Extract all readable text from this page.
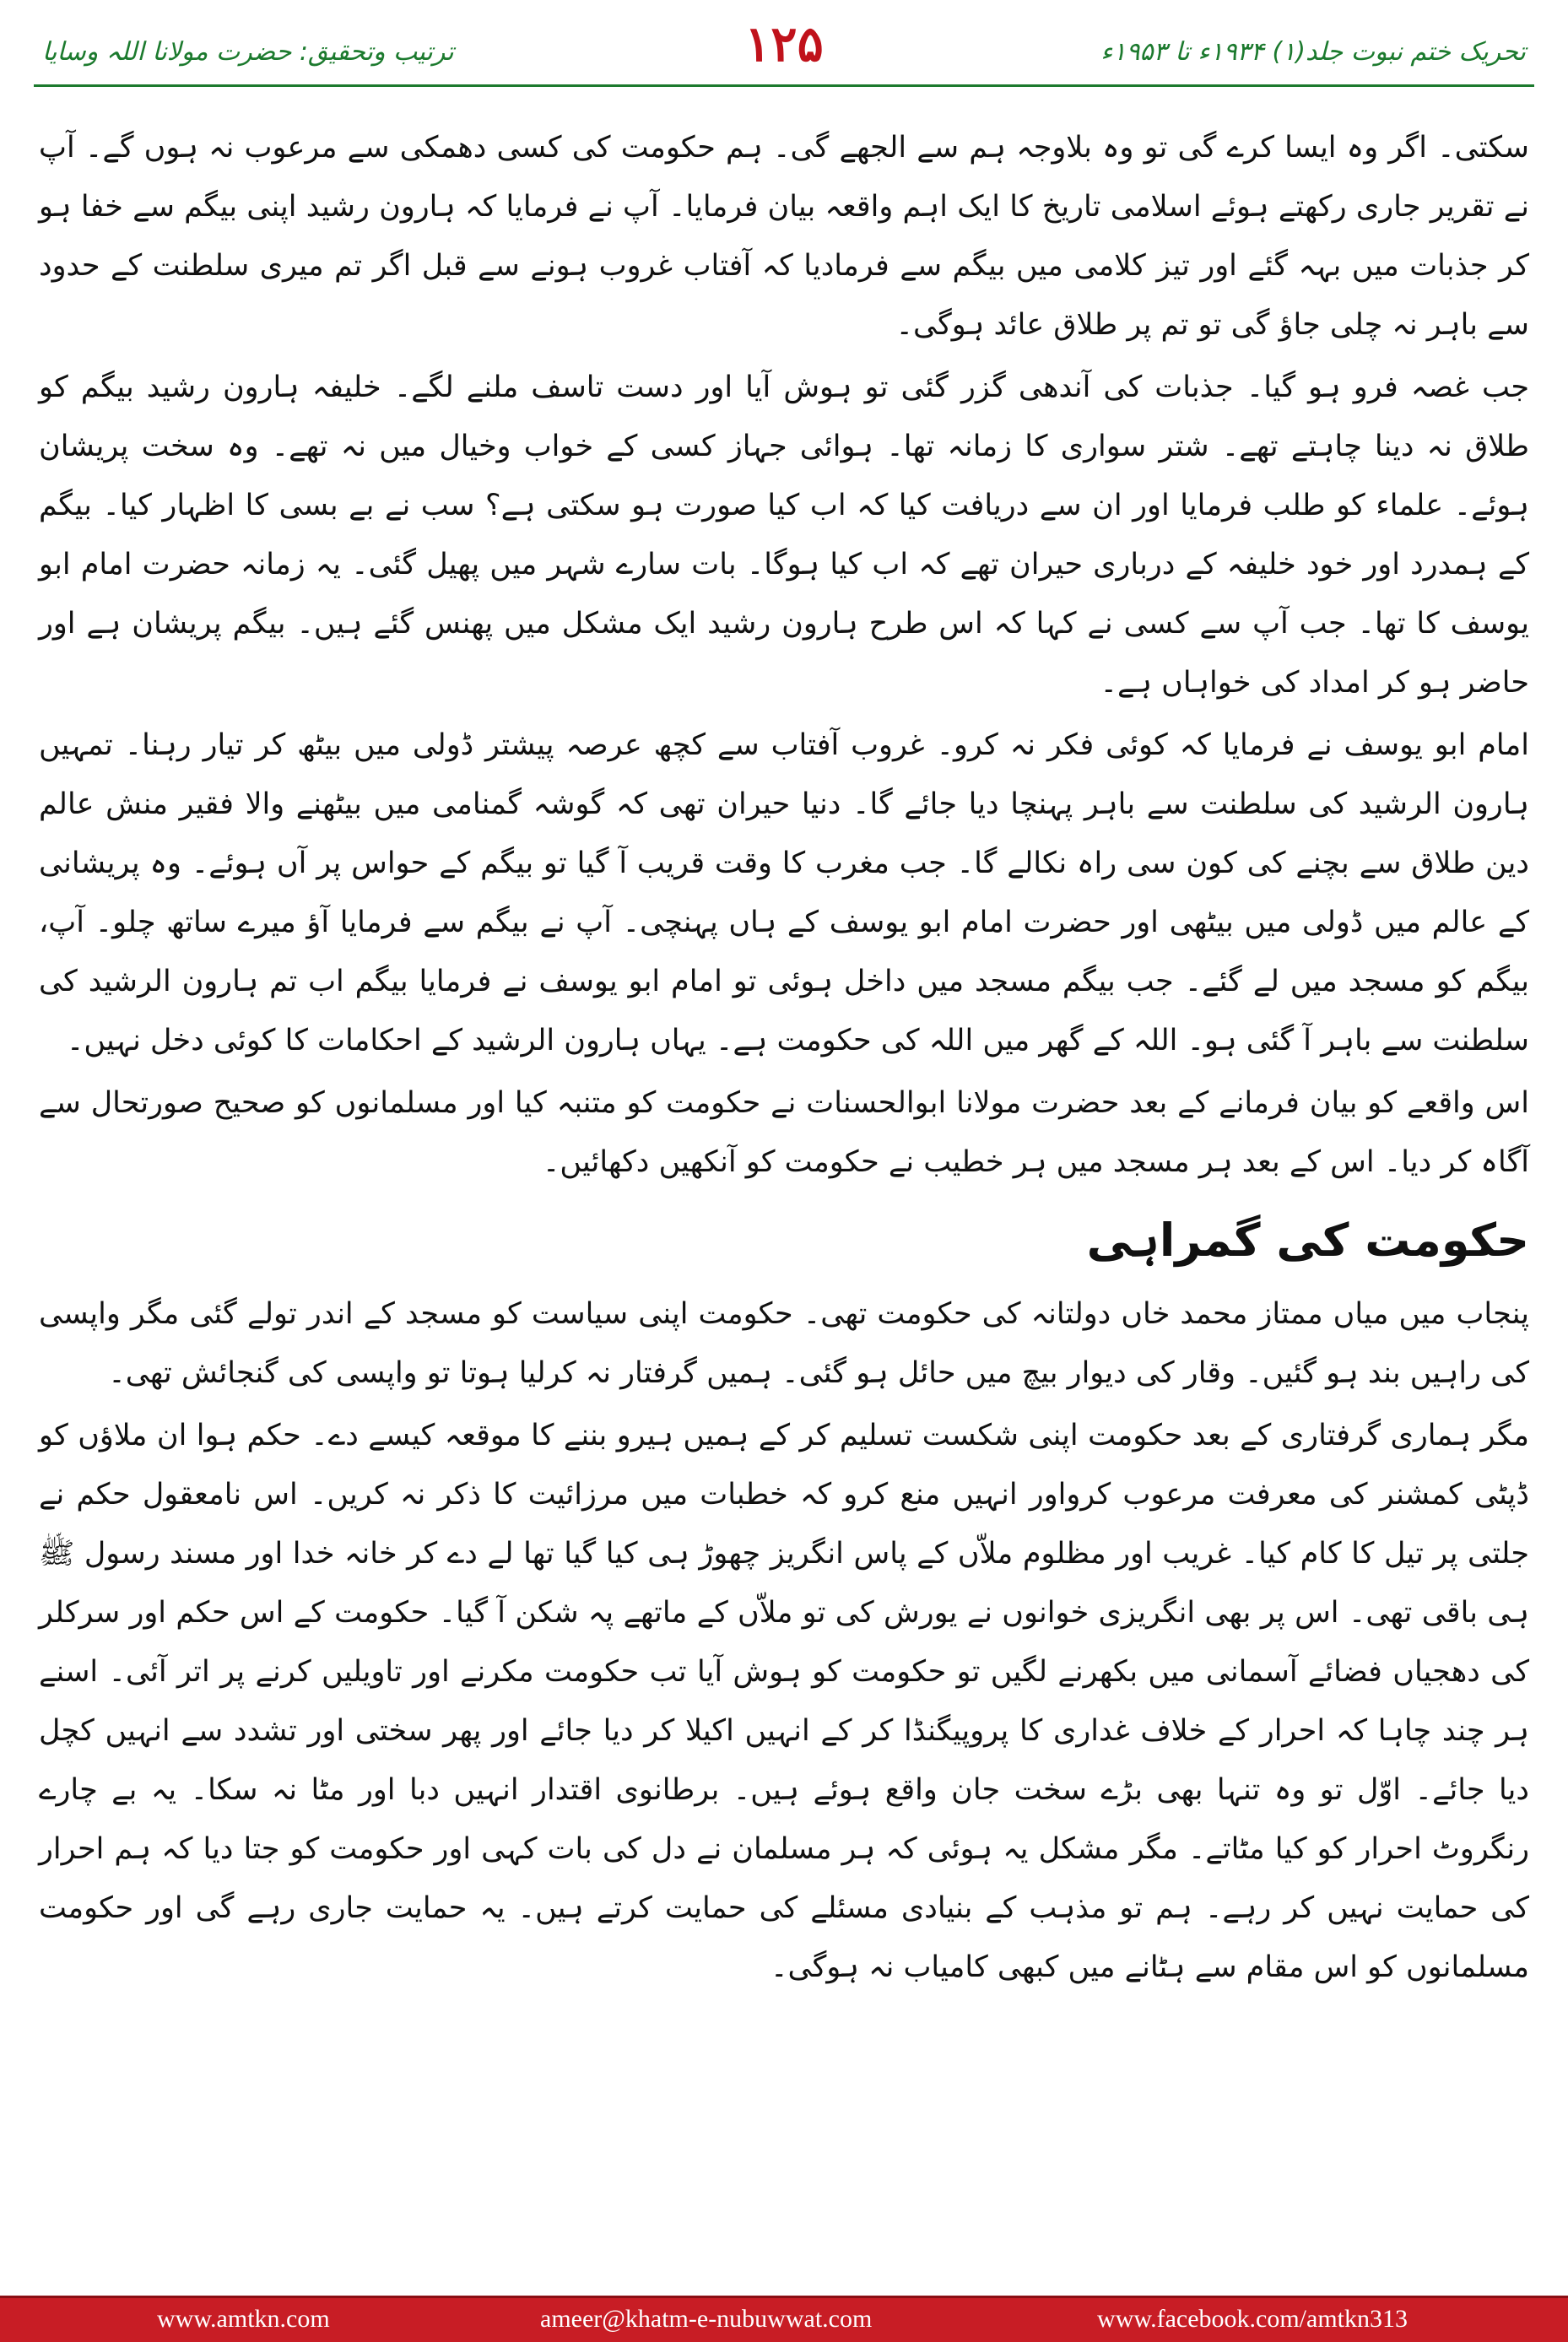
ترتیب وتحقیق: حضرت مولانا اللہ وسایا	۱۲۵	تحریک ختم نبوت جلد(۱) ۱۹۳۴ء تا ۱۹۵۳ء

سکتی۔ اگر وہ ایسا کرے گی تو وہ بلاوجہ ہم سے الجھے گی۔ ہم حکومت کی کسی دھمکی سے مرعوب نہ ہوں گے۔ آپ نے تقریر جاری رکھتے ہوئے اسلامی تاریخ کا ایک اہم واقعہ بیان فرمایا۔ آپ نے فرمایا کہ ہارون رشید اپنی بیگم سے خفا ہو کر جذبات میں بہہ گئے اور تیز کلامی میں بیگم سے فرمادیا کہ آفتاب غروب ہونے سے قبل اگر تم میری سلطنت کے حدود سے باہر نہ چلی جاؤ گی تو تم پر طلاق عائد ہوگی۔

جب غصہ فرو ہو گیا۔ جذبات کی آندھی گزر گئی تو ہوش آیا اور دست تاسف ملنے لگے۔ خلیفہ ہارون رشید بیگم کو طلاق نہ دینا چاہتے تھے۔ شتر سواری کا زمانہ تھا۔ ہوائی جہاز کسی کے خواب وخیال میں نہ تھے۔ وہ سخت پریشان ہوئے۔ علماء کو طلب فرمایا اور ان سے دریافت کیا کہ اب کیا صورت ہو سکتی ہے؟ سب نے بے بسی کا اظہار کیا۔ بیگم کے ہمدرد اور خود خلیفہ کے درباری حیران تھے کہ اب کیا ہوگا۔ بات سارے شہر میں پھیل گئی۔ یہ زمانہ حضرت امام ابو یوسف کا تھا۔ جب آپ سے کسی نے کہا کہ اس طرح ہارون رشید ایک مشکل میں پھنس گئے ہیں۔ بیگم پریشان ہے اور حاضر ہو کر امداد کی خواہاں ہے۔

امام ابو یوسف نے فرمایا کہ کوئی فکر نہ کرو۔ غروب آفتاب سے کچھ عرصہ پیشتر ڈولی میں بیٹھ کر تیار رہنا۔ تمہیں ہارون الرشید کی سلطنت سے باہر پہنچا دیا جائے گا۔ دنیا حیران تھی کہ گوشہ گمنامی میں بیٹھنے والا فقیر منش عالم دین طلاق سے بچنے کی کون سی راہ نکالے گا۔ جب مغرب کا وقت قریب آ گیا تو بیگم کے حواس پر آں ہوئے۔ وہ پریشانی کے عالم میں ڈولی میں بیٹھی اور حضرت امام ابو یوسف کے ہاں پہنچی۔ آپ نے بیگم سے فرمایا آؤ میرے ساتھ چلو۔ آپ، بیگم کو مسجد میں لے گئے۔ جب بیگم مسجد میں داخل ہوئی تو امام ابو یوسف نے فرمایا بیگم اب تم ہارون الرشید کی سلطنت سے باہر آ گئی ہو۔ اللہ کے گھر میں اللہ کی حکومت ہے۔ یہاں ہارون الرشید کے احکامات کا کوئی دخل نہیں۔

اس واقعے کو بیان فرمانے کے بعد حضرت مولانا ابوالحسنات نے حکومت کو متنبہ کیا اور مسلمانوں کو صحیح صورتحال سے آگاہ کر دیا۔ اس کے بعد ہر مسجد میں ہر خطیب نے حکومت کو آنکھیں دکھائیں۔

حکومت کی گمراہی

پنجاب میں میاں ممتاز محمد خاں دولتانہ کی حکومت تھی۔ حکومت اپنی سیاست کو مسجد کے اندر تولے گئی مگر واپسی کی راہیں بند ہو گئیں۔ وقار کی دیوار بیچ میں حائل ہو گئی۔ ہمیں گرفتار نہ کرلیا ہوتا تو واپسی کی گنجائش تھی۔

مگر ہماری گرفتاری کے بعد حکومت اپنی شکست تسلیم کر کے ہمیں ہیرو بننے کا موقعہ کیسے دے۔ حکم ہوا ان ملاؤں کو ڈپٹی کمشنر کی معرفت مرعوب کرواور انہیں منع کرو کہ خطبات میں مرزائیت کا ذکر نہ کریں۔ اس نامعقول حکم نے جلتی پر تیل کا کام کیا۔ غریب اور مظلوم ملاّں کے پاس انگریز چھوڑ ہی کیا گیا تھا لے دے کر خانہ خدا اور مسند رسول ﷺ ہی باقی تھی۔ اس پر بھی انگریزی خوانوں نے یورش کی تو ملاّں کے ماتھے پہ شکن آ گیا۔ حکومت کے اس حکم اور سرکلر کی دھجیاں فضائے آسمانی میں بکھرنے لگیں تو حکومت کو ہوش آیا تب حکومت مکرنے اور تاویلیں کرنے پر اتر آئی۔ اسنے ہر چند چاہا کہ احرار کے خلاف غداری کا پروپیگنڈا کر کے انہیں اکیلا کر دیا جائے اور پھر سختی اور تشدد سے انہیں کچل دیا جائے۔ اوّل تو وہ تنہا بھی بڑے سخت جان واقع ہوئے ہیں۔ برطانوی اقتدار انہیں دبا اور مٹا نہ سکا۔ یہ بے چارے رنگروٹ احرار کو کیا مٹاتے۔ مگر مشکل یہ ہوئی کہ ہر مسلمان نے دل کی بات کہی اور حکومت کو جتا دیا کہ ہم احرار کی حمایت نہیں کر رہے۔ ہم تو مذہب کے بنیادی مسئلے کی حمایت کرتے ہیں۔ یہ حمایت جاری رہے گی اور حکومت مسلمانوں کو اس مقام سے ہٹانے میں کبھی کامیاب نہ ہوگی۔

www.amtkn.com	ameer@khatm-e-nubuwwat.com	www.facebook.com/amtkn313
